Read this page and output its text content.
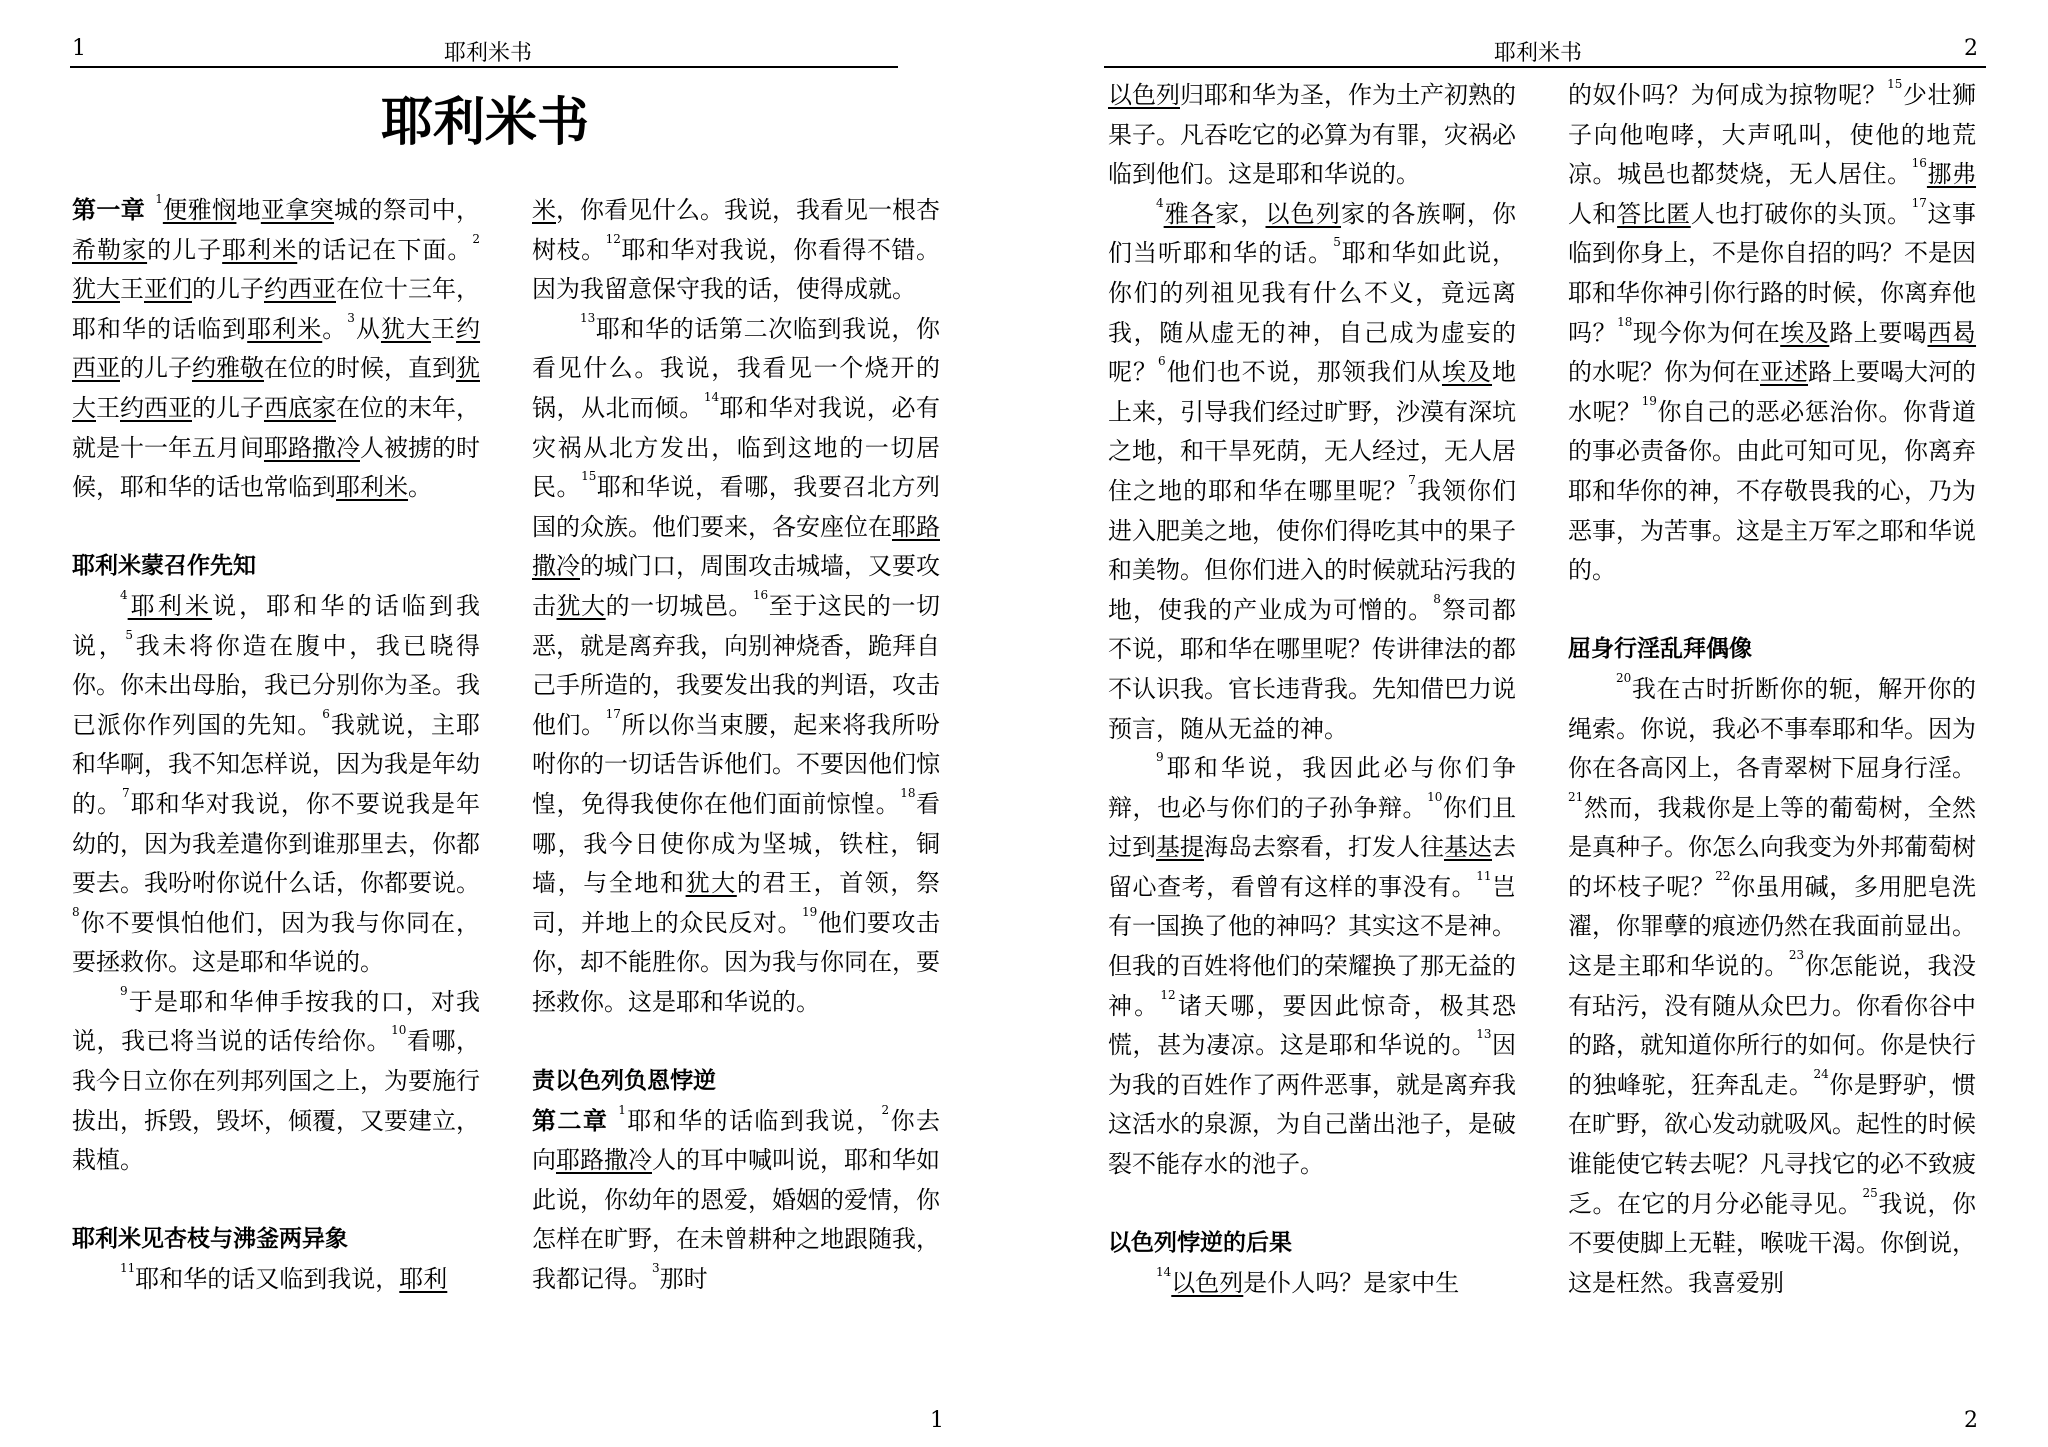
1	耶利米书
耶利米书

第一章 $^1$便雅悯地亚拿突城的祭司中，希勒家的儿子耶利米的话记在下面。$^2$犹大王亚们的儿子约西亚在位十三年，耶和华的话临到耶利米。$^3$从犹大王约西亚的儿子约雅敬在位的时候，直到犹大王约西亚的儿子西底家在位的末年，就是十一年五月间耶路撒冷人被掳的时候，耶和华的话也常临到耶利米。

耶利米蒙召作先知

$^4$耶利米说，耶和华的话临到我说，$^5$我未将你造在腹中，我已晓得你。你未出母胎，我已分别你为圣。我已派你作列国的先知。$^6$我就说，主耶和华啊，我不知怎样说，因为我是年幼的。$^7$耶和华对我说，你不要说我是年幼的，因为我差遣你到谁那里去，你都要去。我吩咐你说什么话，你都要说。$^8$你不要惧怕他们，因为我与你同在，要拯救你。这是耶和华说的。

$^9$于是耶和华伸手按我的口，对我说，我已将当说的话传给你。$^{10}$看哪，我今日立你在列邦列国之上，为要施行拔出，拆毁，毁坏，倾覆，又要建立，栽植。

耶利米见杏枝与沸釜两异象

$^{11}$耶和华的话又临到我说，耶利

米，你看见什么。我说，我看见一根杏树枝。$^{12}$耶和华对我说，你看得不错。因为我留意保守我的话，使得成就。

$^{13}$耶和华的话第二次临到我说，你看见什么。我说，我看见一个烧开的锅，从北而倾。$^{14}$耶和华对我说，必有灾祸从北方发出，临到这地的一切居民。$^{15}$耶和华说，看哪，我要召北方列国的众族。他们要来，各安座位在耶路撒冷的城门口，周围攻击城墙，又要攻击犹大的一切城邑。$^{16}$至于这民的一切恶，就是离弃我，向别神烧香，跪拜自己手所造的，我要发出我的判语，攻击他们。$^{17}$所以你当束腰，起来将我所吩咐你的一切话告诉他们。不要因他们惊惶，免得我使你在他们面前惊惶。$^{18}$看哪，我今日使你成为坚城，铁柱，铜墙，与全地和犹大的君王，首领，祭司，并地上的众民反对。$^{19}$他们要攻击你，却不能胜你。因为我与你同在，要拯救你。这是耶和华说的。

责以色列负恩悖逆

第二章 $^1$耶和华的话临到我说，$^2$你去向耶路撒冷人的耳中喊叫说，耶和华如此说，你幼年的恩爱，婚姻的爱情，你怎样在旷野，在未曾耕种之地跟随我，我都记得。$^3$那时

1
耶利米书	2

以色列归耶和华为圣，作为土产初熟的果子。凡吞吃它的必算为有罪，灾祸必临到他们。这是耶和华说的。

$^4$雅各家，以色列家的各族啊，你们当听耶和华的话。$^5$耶和华如此说，你们的列祖见我有什么不义，竟远离我，随从虚无的神，自己成为虚妄的呢？$^6$他们也不说，那领我们从埃及地上来，引导我们经过旷野，沙漠有深坑之地，和干旱死荫，无人经过，无人居住之地的耶和华在哪里呢？$^7$我领你们进入肥美之地，使你们得吃其中的果子和美物。但你们进入的时候就玷污我的地，使我的产业成为可憎的。$^8$祭司都不说，耶和华在哪里呢？传讲律法的都不认识我。官长违背我。先知借巴力说预言，随从无益的神。

$^9$耶和华说，我因此必与你们争辩，也必与你们的子孙争辩。$^{10}$你们且过到基提海岛去察看，打发人往基达去留心查考，看曾有这样的事没有。$^{11}$岂有一国换了他的神吗？其实这不是神。但我的百姓将他们的荣耀换了那无益的神。$^{12}$诸天哪，要因此惊奇，极其恐慌，甚为凄凉。这是耶和华说的。$^{13}$因为我的百姓作了两件恶事，就是离弃我这活水的泉源，为自己凿出池子，是破裂不能存水的池子。

以色列悖逆的后果

$^{14}$以色列是仆人吗？是家中生

的奴仆吗？为何成为掠物呢？$^{15}$少壮狮子向他咆哮，大声吼叫，使他的地荒凉。城邑也都焚烧，无人居住。$^{16}$挪弗人和答比匿人也打破你的头顶。$^{17}$这事临到你身上，不是你自招的吗？不是因耶和华你神引你行路的时候，你离弃他吗？$^{18}$现今你为何在埃及路上要喝西曷的水呢？你为何在亚述路上要喝大河的水呢？$^{19}$你自己的恶必惩治你。你背道的事必责备你。由此可知可见，你离弃耶和华你的神，不存敬畏我的心，乃为恶事，为苦事。这是主万军之耶和华说的。

屈身行淫乱拜偶像

$^{20}$我在古时折断你的轭，解开你的绳索。你说，我必不事奉耶和华。因为你在各高冈上，各青翠树下屈身行淫。$^{21}$然而，我栽你是上等的葡萄树，全然是真种子。你怎么向我变为外邦葡萄树的坏枝子呢？$^{22}$你虽用碱，多用肥皂洗濯，你罪孽的痕迹仍然在我面前显出。这是主耶和华说的。$^{23}$你怎能说，我没有玷污，没有随从众巴力。你看你谷中的路，就知道你所行的如何。你是快行的独峰驼，狂奔乱走。$^{24}$你是野驴，惯在旷野，欲心发动就吸风。起性的时候谁能使它转去呢？凡寻找它的必不致疲乏。在它的月分必能寻见。$^{25}$我说，你不要使脚上无鞋，喉咙干渴。你倒说，这是枉然。我喜爱别

2
